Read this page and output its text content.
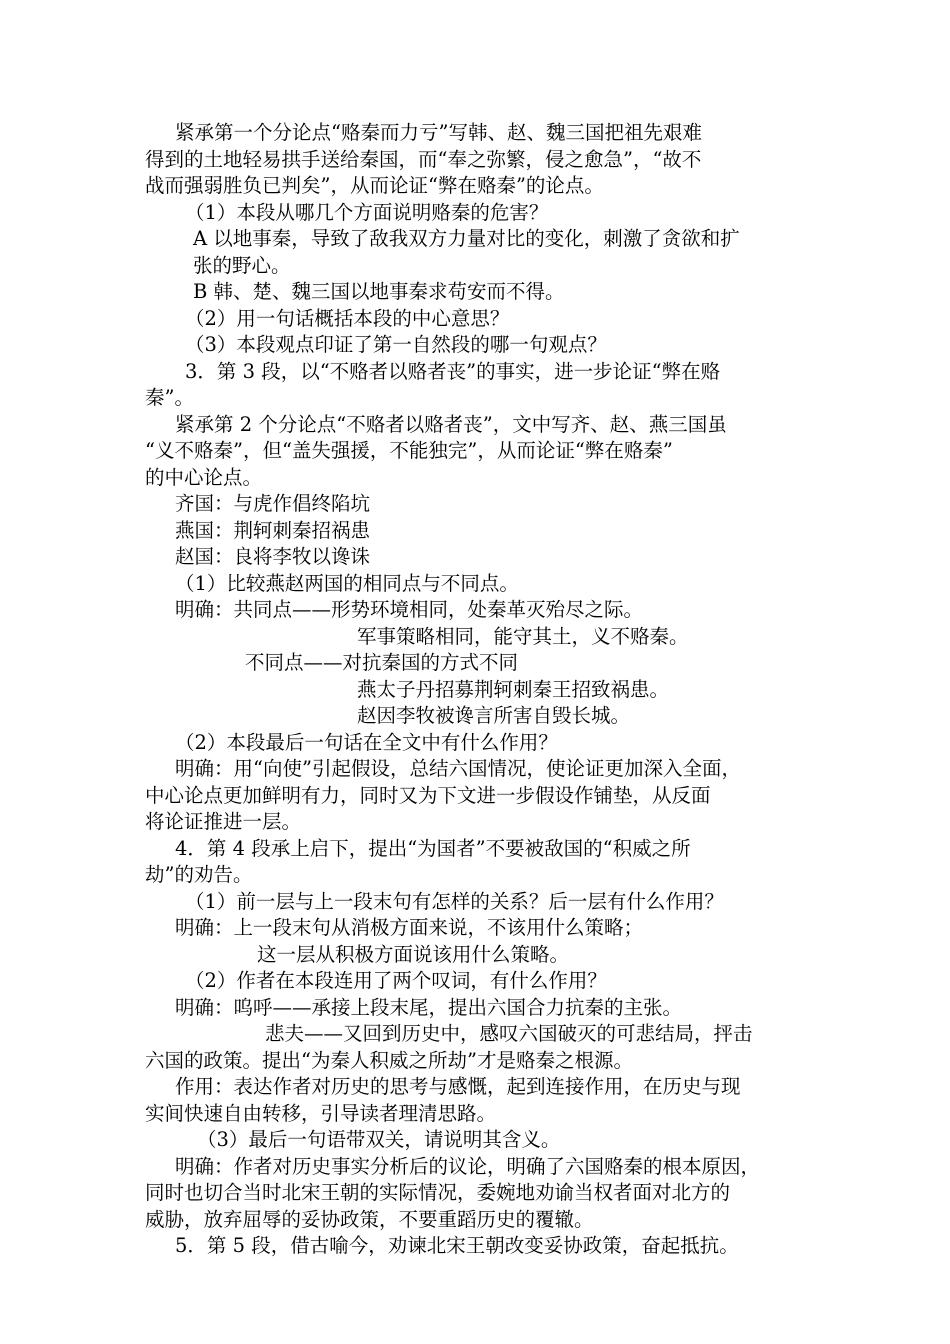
紧承第一个分论点“赂秦而力亏”写韩、赵、魏三国把祖先艰难
得到的土地轻易拱手送给秦国，而“奉之弥繁，侵之愈急”，“故不
战而强弱胜负已判矣”，从而论证“弊在赂秦”的论点。
（1）本段从哪几个方面说明赂秦的危害？
A 以地事秦，导致了敌我双方力量对比的变化，刺激了贪欲和扩
张的野心。
B 韩、楚、魏三国以地事秦求苟安而不得。
（2）用一句话概括本段的中心意思？
（3）本段观点印证了第一自然段的哪一句观点？
3．第 3 段，以“不赂者以赂者丧”的事实，进一步论证“弊在赂
秦”。
紧承第 2 个分论点“不赂者以赂者丧”，文中写齐、赵、燕三国虽
“义不赂秦”，但“盖失强援，不能独完”，从而论证“弊在赂秦”
的中心论点。
齐国：与虎作倡终陷坑
燕国：荆轲刺秦招祸患
赵国：良将李牧以谗诛
（1）比较燕赵两国的相同点与不同点。
明确：共同点——形势环境相同，处秦革灭殆尽之际。
军事策略相同，能守其土，义不赂秦。
不同点——对抗秦国的方式不同
燕太子丹招募荆轲刺秦王招致祸患。
赵因李牧被谗言所害自毁长城。
（2）本段最后一句话在全文中有什么作用？
明确：用“向使”引起假设，总结六国情况，使论证更加深入全面，
中心论点更加鲜明有力，同时又为下文进一步假设作铺垫，从反面
将论证推进一层。
4．第 4 段承上启下，提出“为国者”不要被敌国的“积威之所
劫”的劝告。
（1）前一层与上一段末句有怎样的关系？后一层有什么作用？
明确：上一段末句从消极方面来说，不该用什么策略；
这一层从积极方面说该用什么策略。
（2）作者在本段连用了两个叹词，有什么作用？
明确：呜呼——承接上段末尾，提出六国合力抗秦的主张。
悲夫——又回到历史中，感叹六国破灭的可悲结局，抨击
六国的政策。提出“为秦人积威之所劫”才是赂秦之根源。
作用：表达作者对历史的思考与感慨，起到连接作用，在历史与现
实间快速自由转移，引导读者理清思路。
（3）最后一句语带双关，请说明其含义。
明确：作者对历史事实分析后的议论，明确了六国赂秦的根本原因，
同时也切合当时北宋王朝的实际情况，委婉地劝谕当权者面对北方的
威胁，放弃屈辱的妥协政策，不要重蹈历史的覆辙。
5．第 5 段，借古喻今，劝谏北宋王朝改变妥协政策，奋起抵抗。
